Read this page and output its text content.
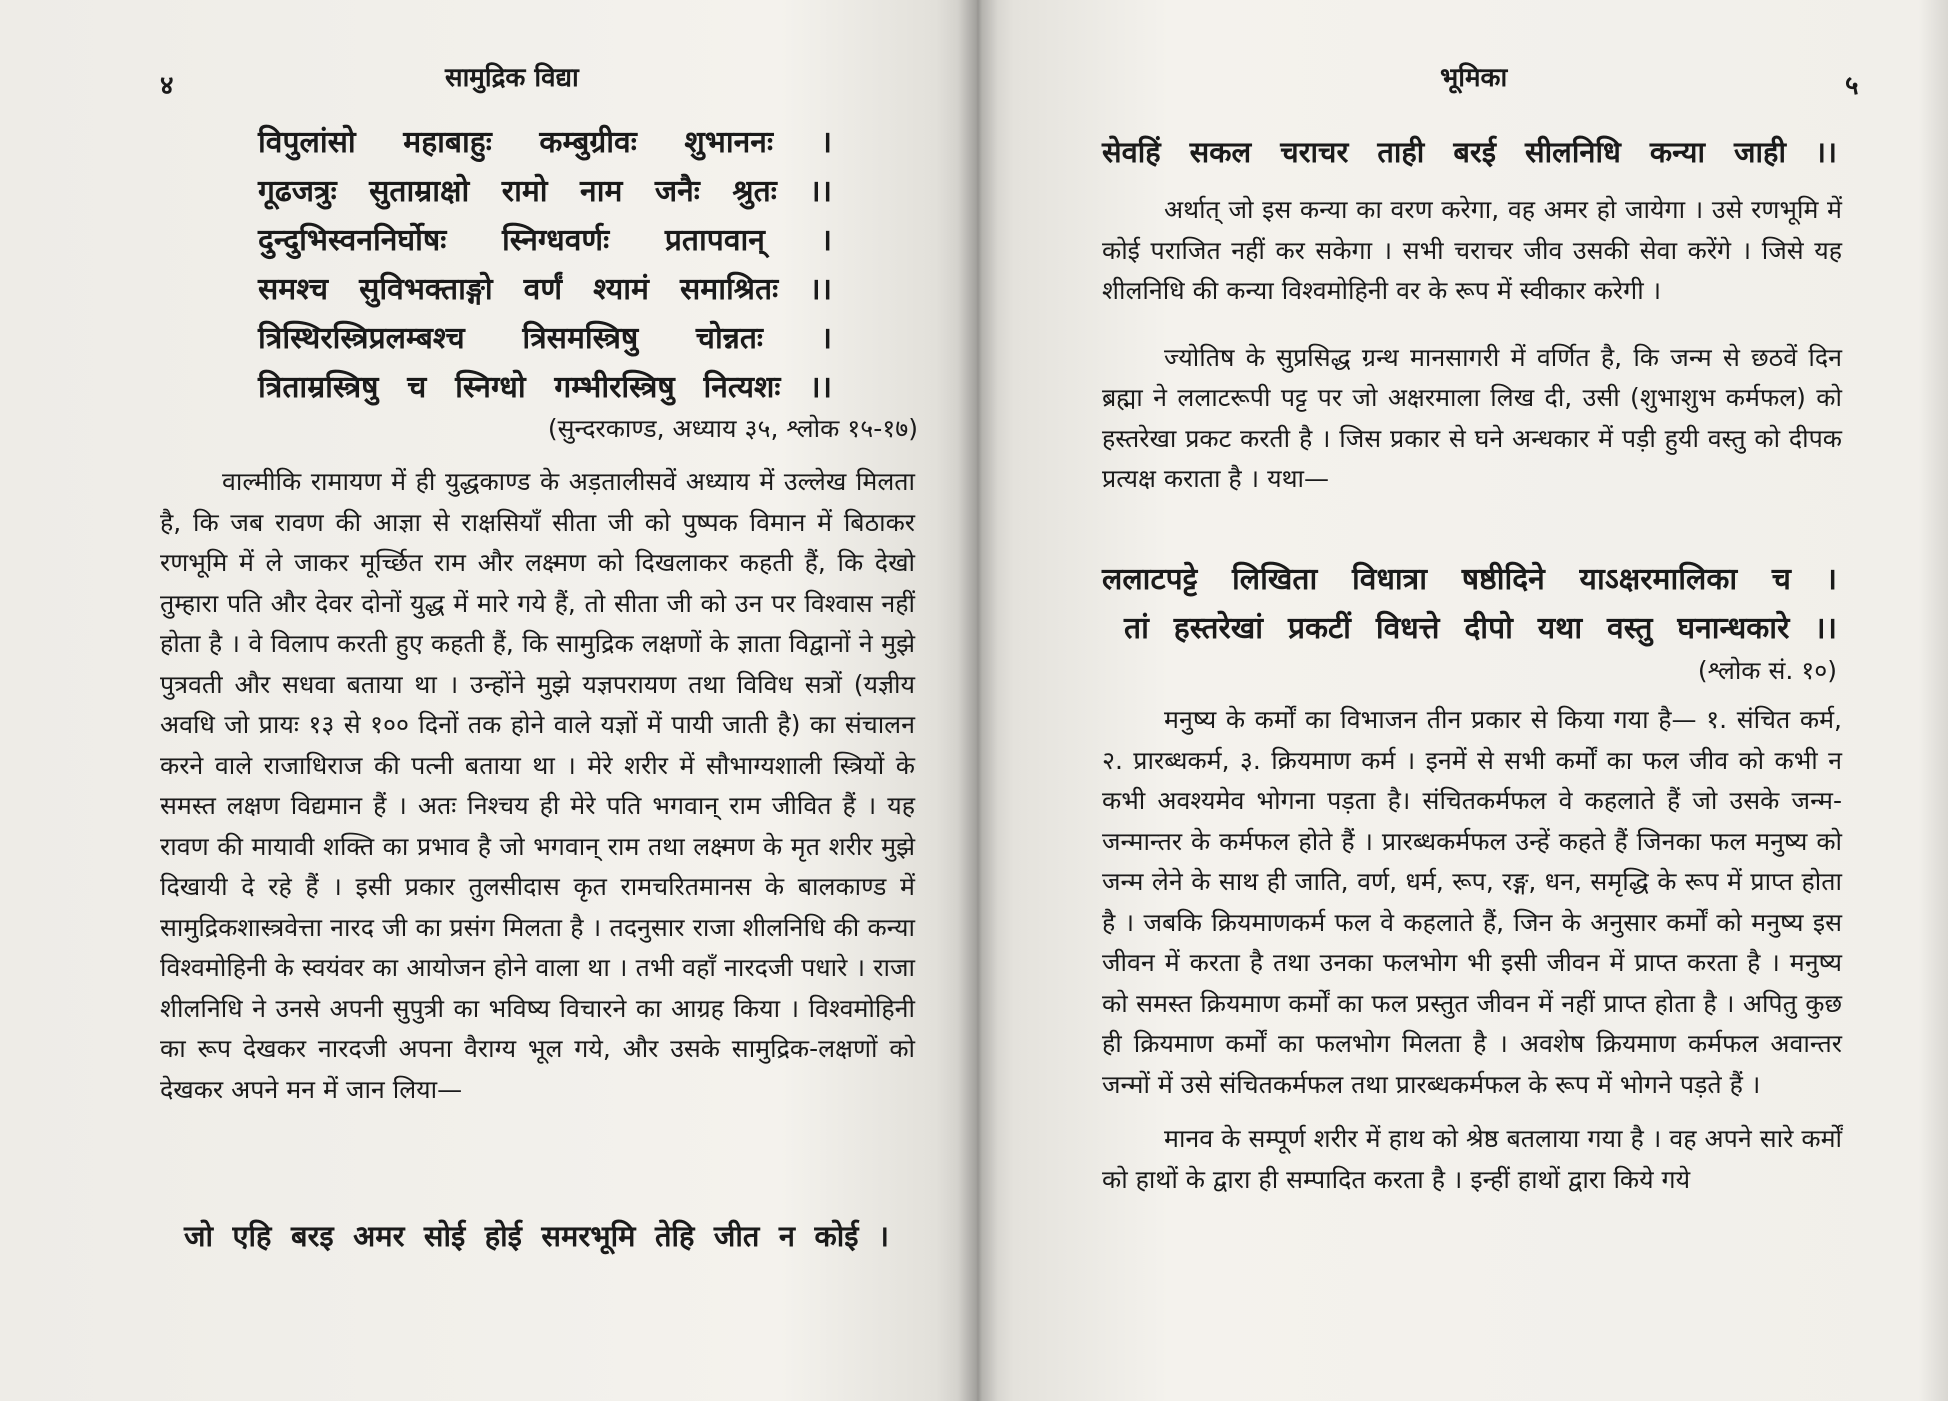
४	सामुद्रिक विद्या
विपुलांसो महाबाहुः कम्बुग्रीवः शुभाननः ।
गूढजत्रुः सुताम्राक्षो रामो नाम जनैः श्रुतः ।।
दुन्दुभिस्वननिर्घोषः स्निग्धवर्णः प्रतापवान् ।
समश्च सुविभक्ताङ्गो वर्णं श्यामं समाश्रितः ।।
त्रिस्थिरस्त्रिप्रलम्बश्च त्रिसमस्त्रिषु चोन्नतः ।
त्रिताम्रस्त्रिषु च स्निग्धो गम्भीरस्त्रिषु नित्यशः ।।
(सुन्दरकाण्ड, अध्याय ३५, श्लोक १५-१७)

वाल्मीकि रामायण में ही युद्धकाण्ड के अड़तालीसवें अध्याय में उल्लेख मिलता है, कि जब रावण की आज्ञा से राक्षसियाँ सीता जी को पुष्पक विमान में बिठाकर रणभूमि में ले जाकर मूर्च्छित राम और लक्ष्मण को दिखलाकर कहती हैं, कि देखो तुम्हारा पति और देवर दोनों युद्ध में मारे गये हैं, तो सीता जी को उन पर विश्वास नहीं होता है । वे विलाप करती हुए कहती हैं, कि सामुद्रिक लक्षणों के ज्ञाता विद्वानों ने मुझे पुत्रवती और सधवा बताया था । उन्होंने मुझे यज्ञपरायण तथा विविध सत्रों (यज्ञीय अवधि जो प्रायः १३ से १०० दिनों तक होने वाले यज्ञों में पायी जाती है) का संचालन करने वाले राजाधिराज की पत्नी बताया था । मेरे शरीर में सौभाग्यशाली स्त्रियों के समस्त लक्षण विद्यमान हैं । अतः निश्चय ही मेरे पति भगवान् राम जीवित हैं । यह रावण की मायावी शक्ति का प्रभाव है जो भगवान् राम तथा लक्ष्मण के मृत शरीर मुझे दिखायी दे रहे हैं । इसी प्रकार तुलसीदास कृत रामचरितमानस के बालकाण्ड में सामुद्रिकशास्त्रवेत्ता नारद जी का प्रसंग मिलता है । तदनुसार राजा शीलनिधि की कन्या विश्वमोहिनी के स्वयंवर का आयोजन होने वाला था । तभी वहाँ नारदजी पधारे । राजा शीलनिधि ने उनसे अपनी सुपुत्री का भविष्य विचारने का आग्रह किया । विश्वमोहिनी का रूप देखकर नारदजी अपना वैराग्य भूल गये, और उसके सामुद्रिक-लक्षणों को देखकर अपने मन में जान लिया—

जो एहि बरइ अमर सोई होई समरभूमि तेहि जीत न कोई ।
भूमिका	५
सेवहिं सकल चराचर ताही बरई सीलनिधि कन्या जाही ।।

अर्थात् जो इस कन्या का वरण करेगा, वह अमर हो जायेगा । उसे रणभूमि में कोई पराजित नहीं कर सकेगा । सभी चराचर जीव उसकी सेवा करेंगे । जिसे यह शीलनिधि की कन्या विश्वमोहिनी वर के रूप में स्वीकार करेगी ।

ज्योतिष के सुप्रसिद्ध ग्रन्थ मानसागरी में वर्णित है, कि जन्म से छठवें दिन ब्रह्मा ने ललाटरूपी पट्ट पर जो अक्षरमाला लिख दी, उसी (शुभाशुभ कर्मफल) को हस्तरेखा प्रकट करती है । जिस प्रकार से घने अन्धकार में पड़ी हुयी वस्तु को दीपक प्रत्यक्ष कराता है । यथा—

ललाटपट्टे लिखिता विधात्रा षष्ठीदिने याऽक्षरमालिका च ।
तां हस्तरेखां प्रकटीं विधत्ते दीपो यथा वस्तु घनान्धकारे ।।
(श्लोक सं. १०)

मनुष्य के कर्मों का विभाजन तीन प्रकार से किया गया है— १. संचित कर्म, २. प्रारब्धकर्म, ३. क्रियमाण कर्म । इनमें से सभी कर्मों का फल जीव को कभी न कभी अवश्यमेव भोगना पड़ता है। संचितकर्मफल वे कहलाते हैं जो उसके जन्म-जन्मान्तर के कर्मफल होते हैं । प्रारब्धकर्मफल उन्हें कहते हैं जिनका फल मनुष्य को जन्म लेने के साथ ही जाति, वर्ण, धर्म, रूप, रङ्ग, धन, समृद्धि के रूप में प्राप्त होता है । जबकि क्रियमाणकर्म फल वे कहलाते हैं, जिन के अनुसार कर्मों को मनुष्य इस जीवन में करता है तथा उनका फलभोग भी इसी जीवन में प्राप्त करता है । मनुष्य को समस्त क्रियमाण कर्मों का फल प्रस्तुत जीवन में नहीं प्राप्त होता है । अपितु कुछ ही क्रियमाण कर्मों का फलभोग मिलता है । अवशेष क्रियमाण कर्मफल अवान्तर जन्मों में उसे संचितकर्मफल तथा प्रारब्धकर्मफल के रूप में भोगने पड़ते हैं ।

मानव के सम्पूर्ण शरीर में हाथ को श्रेष्ठ बतलाया गया है । वह अपने सारे कर्मों को हाथों के द्वारा ही सम्पादित करता है । इन्हीं हाथों द्वारा किये गये
